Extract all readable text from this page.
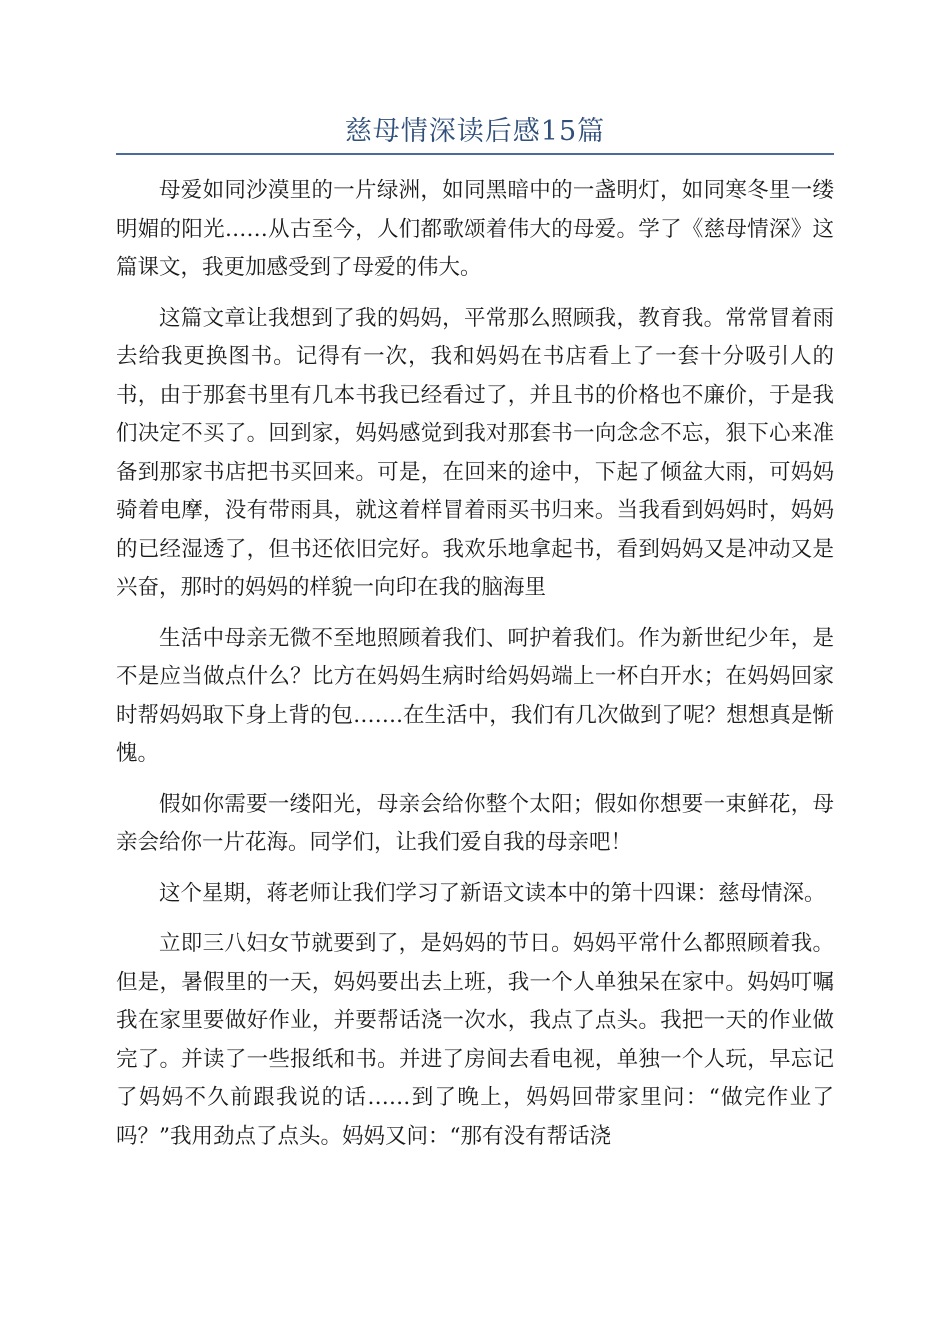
慈母情深读后感15篇

母爱如同沙漠里的一片绿洲，如同黑暗中的一盏明灯，如同寒冬里一缕明媚的阳光……从古至今，人们都歌颂着伟大的母爱。学了《慈母情深》这篇课文，我更加感受到了母爱的伟大。

这篇文章让我想到了我的妈妈，平常那么照顾我，教育我。常常冒着雨去给我更换图书。记得有一次，我和妈妈在书店看上了一套十分吸引人的书，由于那套书里有几本书我已经看过了，并且书的价格也不廉价，于是我们决定不买了。回到家，妈妈感觉到我对那套书一向念念不忘，狠下心来准备到那家书店把书买回来。可是，在回来的途中，下起了倾盆大雨，可妈妈骑着电摩，没有带雨具，就这着样冒着雨买书归来。当我看到妈妈时，妈妈的已经湿透了，但书还依旧完好。我欢乐地拿起书，看到妈妈又是冲动又是兴奋，那时的妈妈的样貌一向印在我的脑海里

生活中母亲无微不至地照顾着我们、呵护着我们。作为新世纪少年，是不是应当做点什么？比方在妈妈生病时给妈妈端上一杯白开水；在妈妈回家时帮妈妈取下身上背的包…….在生活中，我们有几次做到了呢？想想真是惭愧。

假如你需要一缕阳光，母亲会给你整个太阳；假如你想要一束鲜花，母亲会给你一片花海。同学们，让我们爱自我的母亲吧！

这个星期，蒋老师让我们学习了新语文读本中的第十四课：慈母情深。

立即三八妇女节就要到了，是妈妈的节日。妈妈平常什么都照顾着我。但是，暑假里的一天，妈妈要出去上班，我一个人单独呆在家中。妈妈叮嘱我在家里要做好作业，并要帮话浇一次水，我点了点头。我把一天的作业做完了。并读了一些报纸和书。并进了房间去看电视，单独一个人玩，早忘记了妈妈不久前跟我说的话……到了晚上，妈妈回带家里问：“做完作业了吗？”我用劲点了点头。妈妈又问：“那有没有帮话浇
